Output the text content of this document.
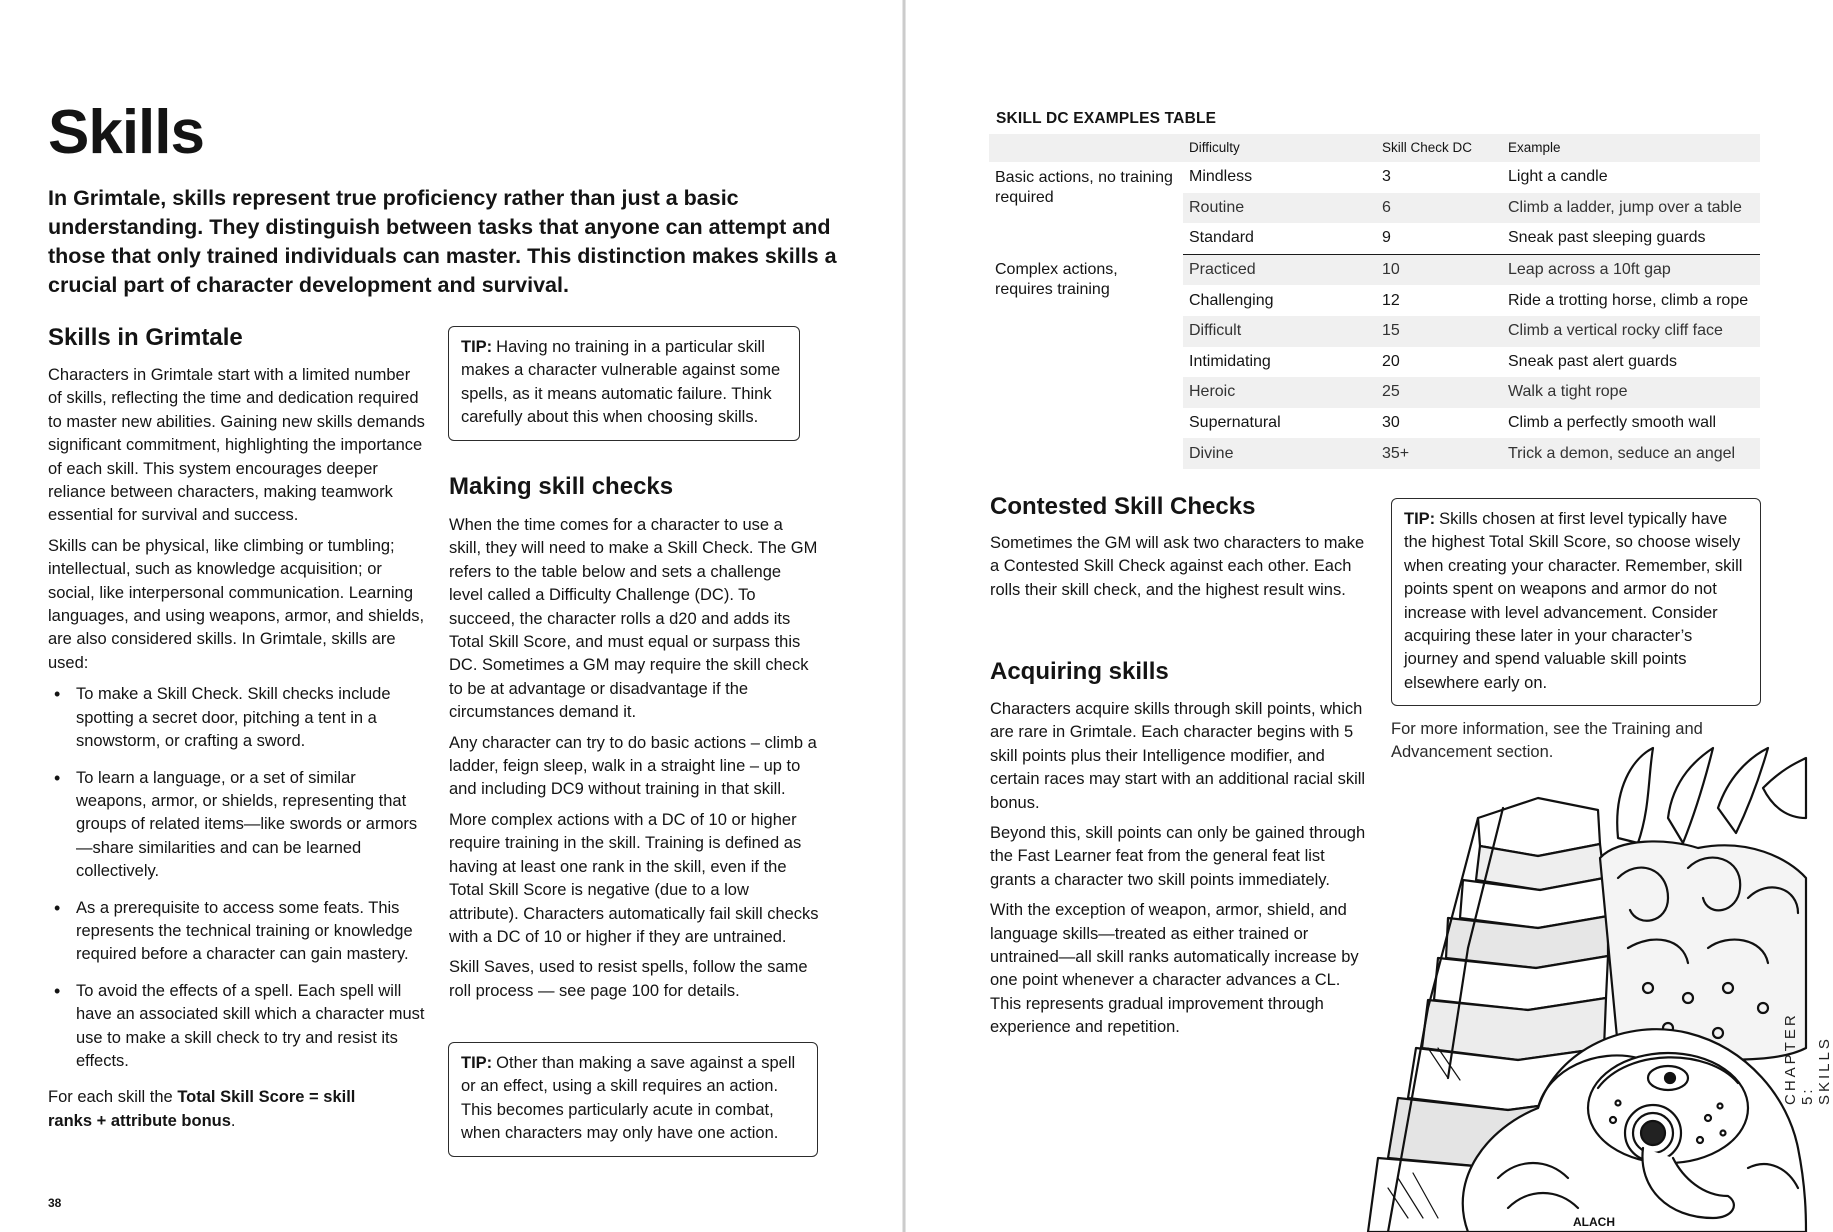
Skills

In Grimtale, skills represent true proficiency rather than just a basic understanding. They distinguish between tasks that anyone can attempt and those that only trained individuals can master. This distinction makes skills a crucial part of character development and survival.

Skills in Grimtale

Characters in Grimtale start with a limited number of skills, reflecting the time and dedication required to master new abilities. Gaining new skills demands significant commitment, highlighting the importance of each skill. This system encourages deeper reliance between characters, making teamwork essential for survival and success.

Skills can be physical, like climbing or tumbling; intellectual, such as knowledge acquisition; or social, like interpersonal communication. Learning languages, and using weapons, armor, and shields, are also considered skills. In Grimtale, skills are used:

• To make a Skill Check. Skill checks include spotting a secret door, pitching a tent in a snowstorm, or crafting a sword.
• To learn a language, or a set of similar weapons, armor, or shields, representing that groups of related items—like swords or armors—share similarities and can be learned collectively.
• As a prerequisite to access some feats. This represents the technical training or knowledge required before a character can gain mastery.
• To avoid the effects of a spell. Each spell will have an associated skill which a character must use to make a skill check to try and resist its effects.

For each skill the Total Skill Score = skill ranks + attribute bonus.

TIP: Having no training in a particular skill makes a character vulnerable against some spells, as it means automatic failure. Think carefully about this when choosing skills.
Making skill checks

When the time comes for a character to use a skill, they will need to make a Skill Check. The GM refers to the table below and sets a challenge level called a Difficulty Challenge (DC). To succeed, the character rolls a d20 and adds its Total Skill Score, and must equal or surpass this DC. Sometimes a GM may require the skill check to be at advantage or disadvantage if the circumstances demand it.

Any character can try to do basic actions – climb a ladder, feign sleep, walk in a straight line – up to and including DC9 without training in that skill.

More complex actions with a DC of 10 or higher require training in the skill. Training is defined as having at least one rank in the skill, even if the Total Skill Score is negative (due to a low attribute). Characters automatically fail skill checks with a DC of 10 or higher if they are untrained.

Skill Saves, used to resist spells, follow the same roll process — see page 100 for details.

TIP: Other than making a save against a spell or an effect, using a skill requires an action. This becomes particularly acute in combat, when characters may only have one action.
38
SKILL DC EXAMPLES TABLE
	Difficulty	Skill Check DC	Example
Basic actions, no training required	Mindless	3	Light a candle
	Routine	6	Climb a ladder, jump over a table
	Standard	9	Sneak past sleeping guards
Complex actions, requires training	Practiced	10	Leap across a 10ft gap
	Challenging	12	Ride a trotting horse, climb a rope
	Difficult	15	Climb a vertical rocky cliff face
	Intimidating	20	Sneak past alert guards
	Heroic	25	Walk a tight rope
	Supernatural	30	Climb a perfectly smooth wall
	Divine	35+	Trick a demon, seduce an angel
Contested Skill Checks

Sometimes the GM will ask two characters to make a Contested Skill Check against each other. Each rolls their skill check, and the highest result wins.

Acquiring skills

Characters acquire skills through skill points, which are rare in Grimtale. Each character begins with 5 skill points plus their Intelligence modifier, and certain races may start with an additional racial skill bonus.

Beyond this, skill points can only be gained through the Fast Learner feat from the general feat list grants a character two skill points immediately.

With the exception of weapon, armor, shield, and language skills—treated as either trained or untrained—all skill ranks automatically increase by one point whenever a character advances a CL. This represents gradual improvement through experience and repetition.

TIP: Skills chosen at first level typically have the highest Total Skill Score, so choose wisely when creating your character. Remember, skill points spent on weapons and armor do not increase with level advancement. Consider acquiring these later in your character’s journey and spend valuable skill points elsewhere early on.

For more information, see the Training and Advancement section.

ALACH
CHAPTER 5: SKILLS
